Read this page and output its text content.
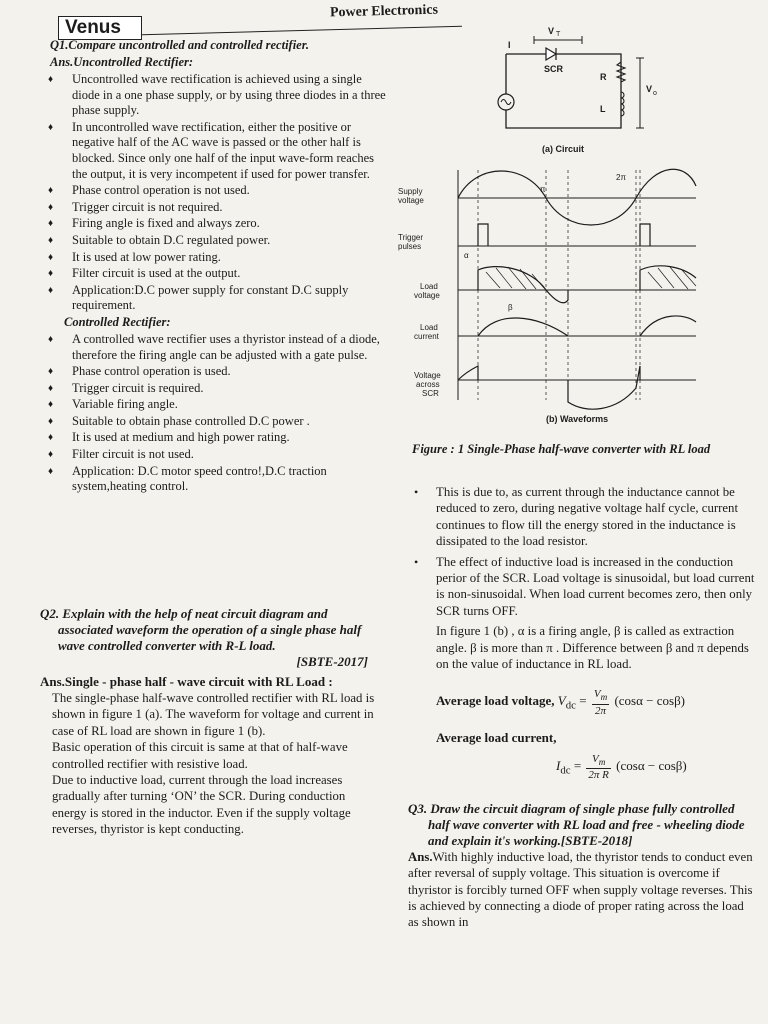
Venus
Power Electronics

Q1.Compare uncontrolled and controlled rectifier.

Ans.Uncontrolled Rectifier:

♦ Uncontrolled wave rectification is achieved using a single diode in a one phase supply, or by using three diodes in a three phase supply.
♦ In uncontrolled wave rectification, either the positive or negative half of the AC wave is passed or the other half is blocked. Since only one half of the input wave-form reaches the output, it is very incompetent if used for power transfer.
♦ Phase control operation is not used.
♦ Trigger circuit is not required.
♦ Firing angle is fixed and always zero.
♦ Suitable to obtain D.C regulated power.
♦ It is used at low power rating.
♦ Filter circuit is used at the output.
♦ Application:D.C power supply for constant D.C supply requirement.

Controlled Rectifier:

♦ A controlled wave rectifier uses a thyristor instead of a diode, therefore the firing angle can be adjusted with a gate pulse.
♦ Phase control operation is used.
♦ Trigger circuit is required.
♦ Variable firing angle.
♦ Suitable to obtain phase controlled D.C power .
♦ It is used at medium and high power rating.
♦ Filter circuit is not used.
♦ Application: D.C motor speed contro!,D.C traction system,heating control.

Q2. Explain with the help of neat circuit diagram and associated waveform the operation of a single phase half wave controlled converter with R-L load.

[SBTE-2017]

Ans.Single - phase half - wave circuit with RL Load :

The single-phase half-wave controlled rectifier with RL load is shown in figure 1 (a). The waveform for voltage and current in case of RL load are shown in figure 1 (b).

Basic operation of this circuit is same at that of half-wave controlled rectifier with resistive load.

Due to inductive load, current through the load increases gradually after turning ‘ON’ the SCR. During conduction energy is stored in the inductor. Even if the supply voltage reverses, thyristor is kept conducting.

V T
I
SCR
R
L
V o
(a) Circuit
Supply
voltage
Trigger
pulses
Load
voltage
Load
current
Voltage
across
SCR
π
2π
α
β
(b) Waveforms
Figure : 1 Single-Phase half-wave converter with RL load
• This is due to, as current through the inductance cannot be reduced to zero, during negative voltage half cycle, current continues to flow till the energy stored in the inductance is dissipated to the load resistor.
• The effect of inductive load is increased in the conduction perior of the SCR. Load voltage is sinusoidal, but load current is non-sinusoidal. When load current becomes zero, then only SCR turns OFF.

In figure 1 (b) , α is a firing angle, β is called as extraction angle. β is more than π . Difference between β and π depends on the value of inductance in RL load.

Average load voltage, $V_{dc} = \frac{V_m}{2\pi} (\cos\alpha - \cos\beta)$
Average load current,
$I_{dc} = \frac{V_m}{\text{2π R}} (\cos\alpha - \cos\beta)$

Q3. Draw the circuit diagram of single phase fully controlled half wave converter with RL load and free - wheeling diode and explain it's working.[SBTE-2018]

Ans.With highly inductive load, the thyristor tends to conduct even after reversal of supply voltage. This situation is overcome if thyristor is forcibly turned OFF when supply voltage reverses. This is achieved by connecting a diode of proper rating across the load as shown in
